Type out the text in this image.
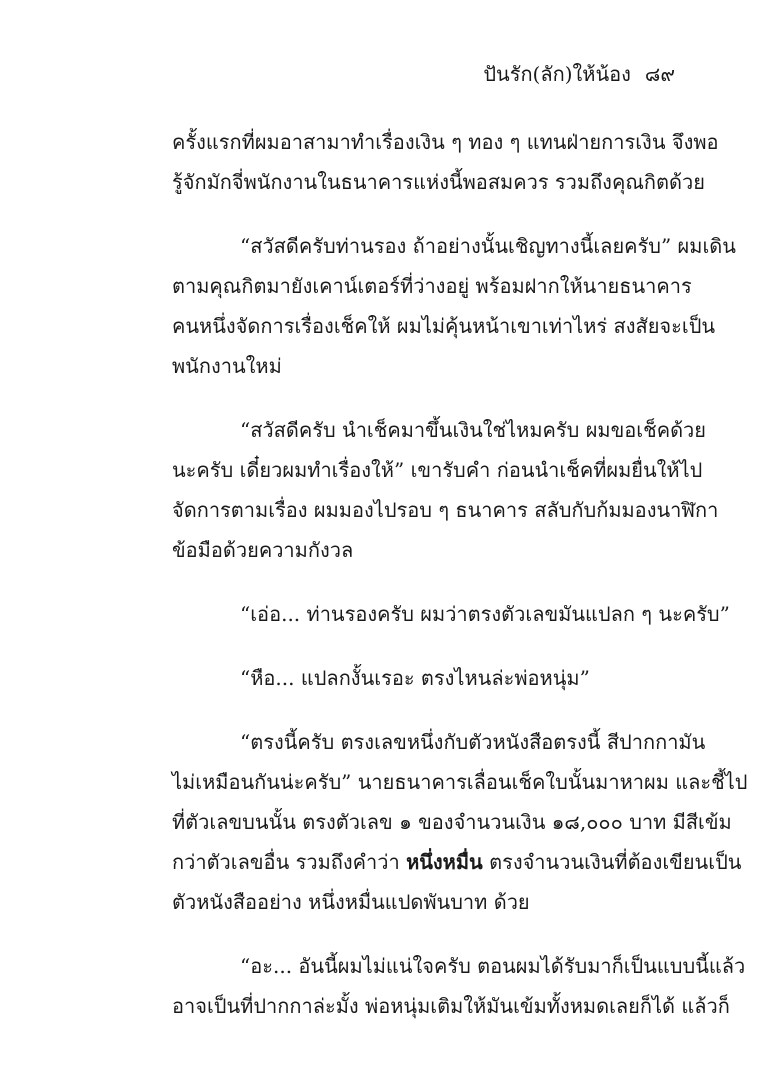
ปันรัก(ลัก)ให้น้อง ๘๙
ครั้งแรกที่ผมอาสามาทำเรื่องเงิน ๆ ทอง ๆ แทนฝ่ายการเงิน จึงพอ
รู้จักมักจี่พนักงานในธนาคารแห่งนี้พอสมควร รวมถึงคุณกิตด้วย
“สวัสดีครับท่านรอง ถ้าอย่างนั้นเชิญทางนี้เลยครับ” ผมเดิน
ตามคุณกิตมายังเคาน์เตอร์ที่ว่างอยู่ พร้อมฝากให้นายธนาคาร
คนหนึ่งจัดการเรื่องเช็คให้ ผมไม่คุ้นหน้าเขาเท่าไหร่ สงสัยจะเป็น
พนักงานใหม่
“สวัสดีครับ นำเช็คมาขึ้นเงินใช่ไหมครับ ผมขอเช็คด้วย
นะครับ เดี๋ยวผมทำเรื่องให้” เขารับคำ ก่อนนำเช็คที่ผมยื่นให้ไป
จัดการตามเรื่อง ผมมองไปรอบ ๆ ธนาคาร สลับกับก้มมองนาฬิกา
ข้อมือด้วยความกังวล
“เอ่อ... ท่านรองครับ ผมว่าตรงตัวเลขมันแปลก ๆ นะครับ”
“หือ... แปลกงั้นเรอะ ตรงไหนล่ะพ่อหนุ่ม”
“ตรงนี้ครับ ตรงเลขหนึ่งกับตัวหนังสือตรงนี้ สีปากกามัน
ไม่เหมือนกันน่ะครับ” นายธนาคารเลื่อนเช็คใบนั้นมาหาผม และชี้ไป
ที่ตัวเลขบนนั้น ตรงตัวเลข ๑ ของจำนวนเงิน ๑๘,๐๐๐ บาท มีสีเข้ม
กว่าตัวเลขอื่น รวมถึงคำว่า หนึ่งหมื่น ตรงจำนวนเงินที่ต้องเขียนเป็น
ตัวหนังสืออย่าง หนึ่งหมื่นแปดพันบาท ด้วย
“อะ... อันนี้ผมไม่แน่ใจครับ ตอนผมได้รับมาก็เป็นแบบนี้แล้ว
อาจเป็นที่ปากกาล่ะมั้ง พ่อหนุ่มเติมให้มันเข้มทั้งหมดเลยก็ได้ แล้วก็
